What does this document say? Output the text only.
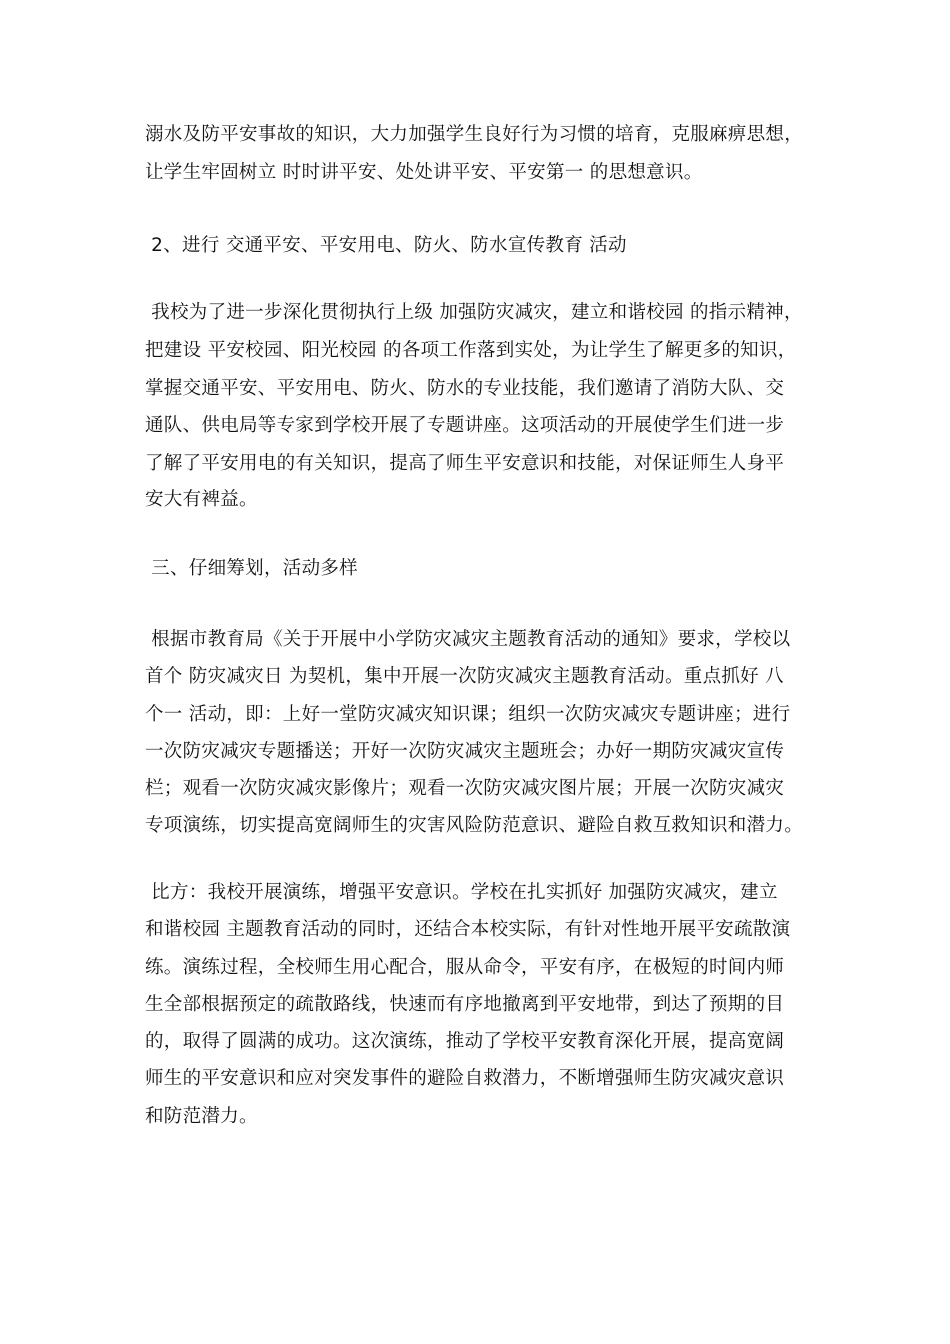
溺水及防平安事故的知识，大力加强学生良好行为习惯的培育，克服麻痹思想，
让学生牢固树立 时时讲平安、处处讲平安、平安第一 的思想意识。
2、进行 交通平安、平安用电、防火、防水宣传教育 活动
我校为了进一步深化贯彻执行上级 加强防灾减灾，建立和谐校园 的指示精神，
把建设 平安校园、阳光校园 的各项工作落到实处，为让学生了解更多的知识，
掌握交通平安、平安用电、防火、防水的专业技能，我们邀请了消防大队、交
通队、供电局等专家到学校开展了专题讲座。这项活动的开展使学生们进一步
了解了平安用电的有关知识，提高了师生平安意识和技能，对保证师生人身平
安大有裨益。
三、仔细筹划，活动多样
根据市教育局《关于开展中小学防灾减灾主题教育活动的通知》要求，学校以
首个 防灾减灾日 为契机，集中开展一次防灾减灾主题教育活动。重点抓好 八
个一 活动，即：上好一堂防灾减灾知识课；组织一次防灾减灾专题讲座；进行
一次防灾减灾专题播送；开好一次防灾减灾主题班会；办好一期防灾减灾宣传
栏；观看一次防灾减灾影像片；观看一次防灾减灾图片展；开展一次防灾减灾
专项演练，切实提高宽阔师生的灾害风险防范意识、避险自救互救知识和潜力。
比方：我校开展演练，增强平安意识。学校在扎实抓好 加强防灾减灾，建立
和谐校园 主题教育活动的同时，还结合本校实际，有针对性地开展平安疏散演
练。演练过程，全校师生用心配合，服从命令，平安有序，在极短的时间内师
生全部根据预定的疏散路线，快速而有序地撤离到平安地带，到达了预期的目
的，取得了圆满的成功。这次演练，推动了学校平安教育深化开展，提高宽阔
师生的平安意识和应对突发事件的避险自救潜力，不断增强师生防灾减灾意识
和防范潜力。
